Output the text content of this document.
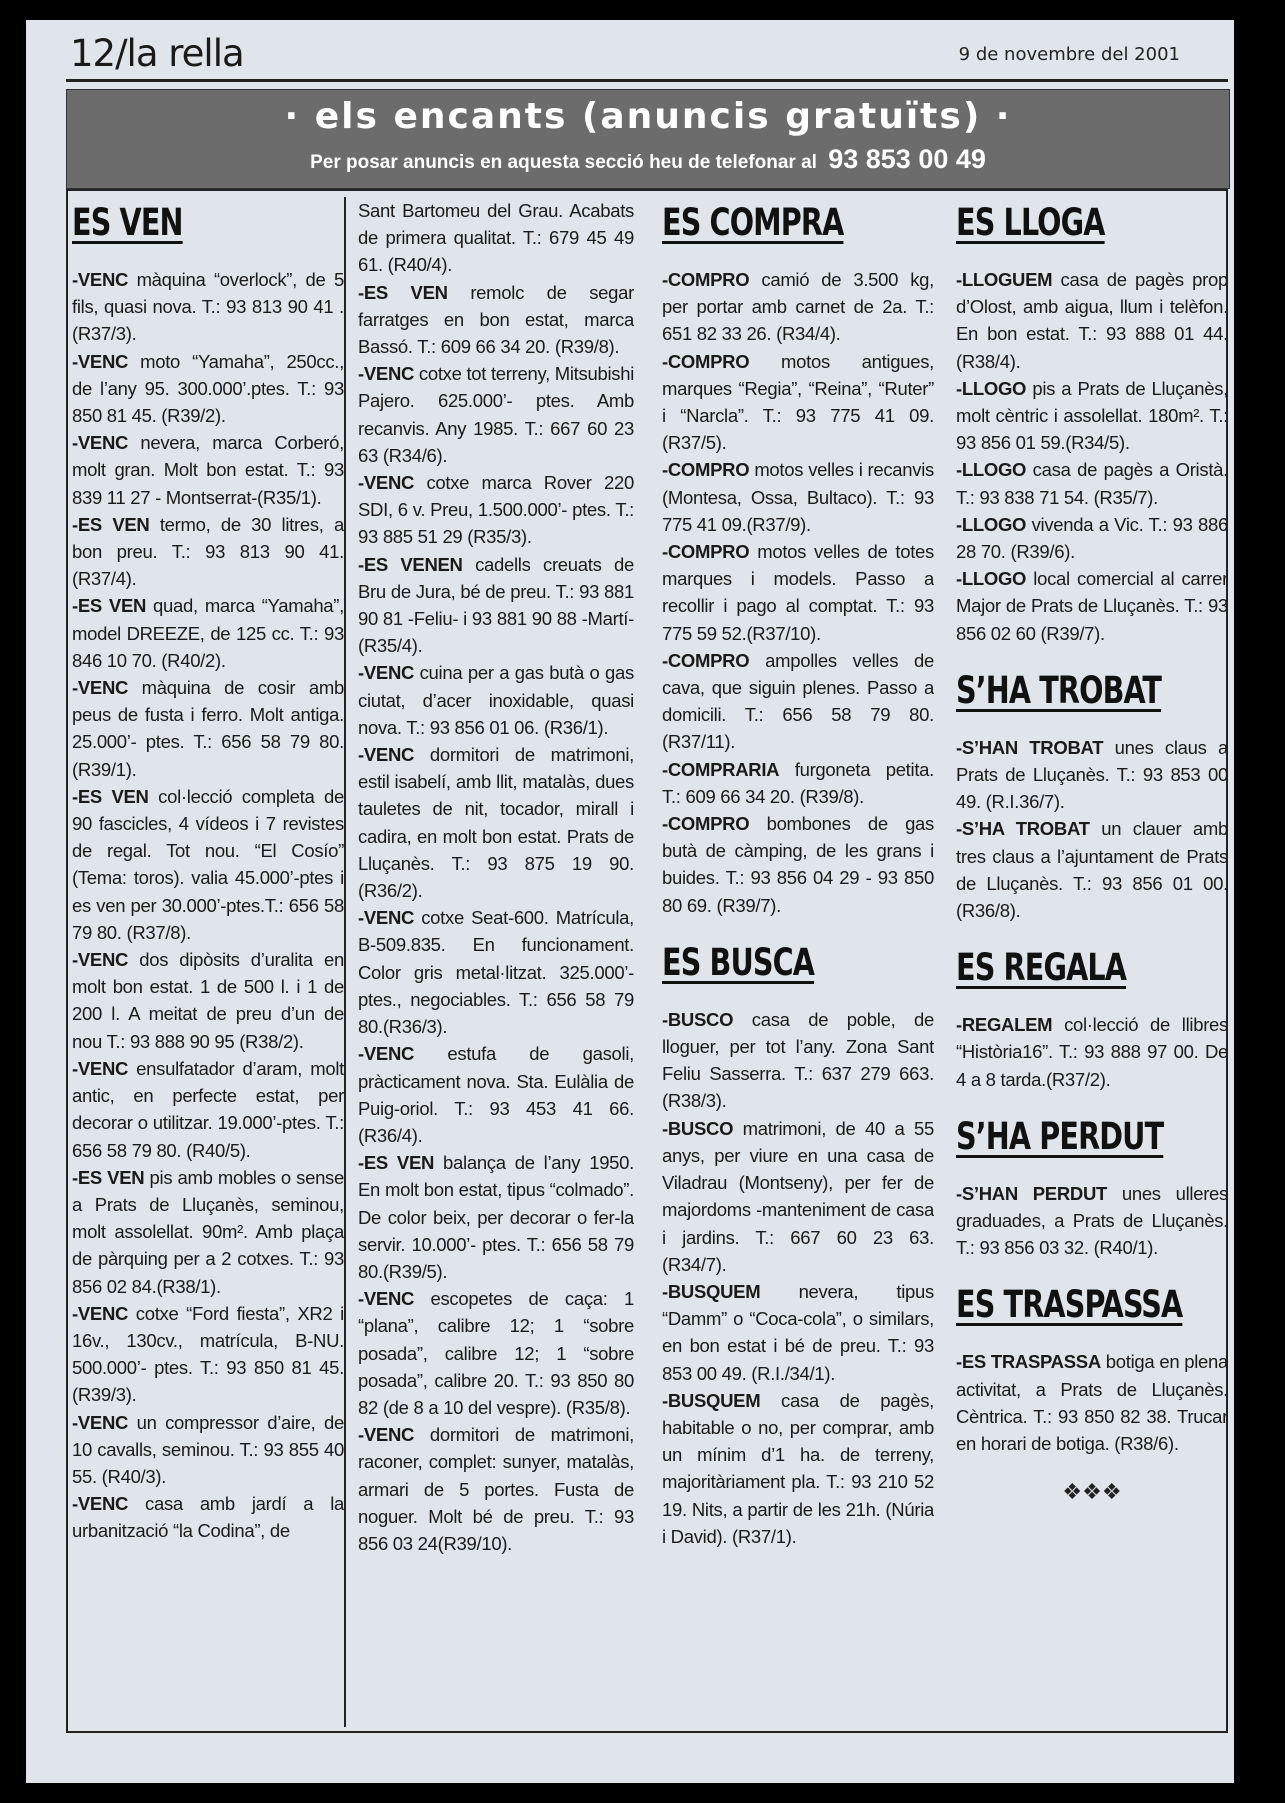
12/la rella	9 de novembre del 2001
· els encants (anuncis gratuïts) ·
Per posar anuncis en aquesta secció heu de telefonar al 93 853 00 49
ES VEN

-VENC màquina “overlock”, de 5 fils, quasi nova. T.: 93 813 90 41 . (R37/3).

-VENC moto “Yamaha”, 250cc., de l’any 95. 300.000’.ptes. T.: 93 850 81 45. (R39/2).

-VENC nevera, marca Corberó, molt gran. Molt bon estat. T.: 93 839 11 27 - Montserrat-(R35/1).

-ES VEN termo, de 30 litres, a bon preu. T.: 93 813 90 41. (R37/4).

-ES VEN quad, marca “Yamaha”, model DREEZE, de 125 cc. T.: 93 846 10 70. (R40/2).

-VENC màquina de cosir amb peus de fusta i ferro. Molt antiga. 25.000’- ptes. T.: 656 58 79 80. (R39/1).

-ES VEN col·lecció completa de 90 fascicles, 4 vídeos i 7 revistes de regal. Tot nou. “El Cosío” (Tema: toros). valia 45.000’-ptes i es ven per 30.000’-ptes.T.: 656 58 79 80. (R37/8).

-VENC dos dipòsits d’uralita en molt bon estat. 1 de 500 l. i 1 de 200 l. A meitat de preu d’un de nou T.: 93 888 90 95 (R38/2).

-VENC ensulfatador d’aram, molt antic, en perfecte estat, per decorar o utilitzar. 19.000’-ptes. T.: 656 58 79 80. (R40/5).

-ES VEN pis amb mobles o sense a Prats de Lluçanès, seminou, molt assolellat. 90m². Amb plaça de pàrquing per a 2 cotxes. T.: 93 856 02 84.(R38/1).

-VENC cotxe “Ford fiesta”, XR2 i 16v., 130cv., matrícula, B-NU. 500.000’- ptes. T.: 93 850 81 45. (R39/3).

-VENC un compressor d’aire, de 10 cavalls, seminou. T.: 93 855 40 55. (R40/3).

-VENC casa amb jardí a la urbanització “la Codina”, de

Sant Bartomeu del Grau. Acabats de primera qualitat. T.: 679 45 49 61. (R40/4).

-ES VEN remolc de segar farratges en bon estat, marca Bassó. T.: 609 66 34 20. (R39/8).

-VENC cotxe tot terreny, Mitsubishi Pajero. 625.000’- ptes. Amb recanvis. Any 1985. T.: 667 60 23 63 (R34/6).

-VENC cotxe marca Rover 220 SDI, 6 v. Preu, 1.500.000’- ptes. T.: 93 885 51 29 (R35/3).

-ES VENEN cadells creuats de Bru de Jura, bé de preu. T.: 93 881 90 81 -Feliu- i 93 881 90 88 -Martí- (R35/4).

-VENC cuina per a gas butà o gas ciutat, d’acer inoxidable, quasi nova. T.: 93 856 01 06. (R36/1).

-VENC dormitori de matrimoni, estil isabelí, amb llit, matalàs, dues tauletes de nit, tocador, mirall i cadira, en molt bon estat. Prats de Lluçanès. T.: 93 875 19 90. (R36/2).

-VENC cotxe Seat-600. Matrícula, B-509.835. En funcionament. Color gris metal·litzat. 325.000’- ptes., negociables. T.: 656 58 79 80.(R36/3).

-VENC estufa de gasoli, pràcticament nova. Sta. Eulàlia de Puig-oriol. T.: 93 453 41 66. (R36/4).

-ES VEN balança de l’any 1950. En molt bon estat, tipus “colmado”. De color beix, per decorar o fer-la servir. 10.000’- ptes. T.: 656 58 79 80.(R39/5).

-VENC escopetes de caça: 1 “plana”, calibre 12; 1 “sobre posada”, calibre 12; 1 “sobre posada”, calibre 20. T.: 93 850 80 82 (de 8 a 10 del vespre). (R35/8).

-VENC dormitori de matrimoni, raconer, complet: sunyer, matalàs, armari de 5 portes. Fusta de noguer. Molt bé de preu. T.: 93 856 03 24(R39/10).

ES COMPRA

-COMPRO camió de 3.500 kg, per portar amb carnet de 2a. T.: 651 82 33 26. (R34/4).

-COMPRO motos antigues, marques “Regia”, “Reina”, “Ruter” i “Narcla”. T.: 93 775 41 09. (R37/5).

-COMPRO motos velles i recanvis (Montesa, Ossa, Bultaco). T.: 93 775 41 09.(R37/9).

-COMPRO motos velles de totes marques i models. Passo a recollir i pago al comptat. T.: 93 775 59 52.(R37/10).

-COMPRO ampolles velles de cava, que siguin plenes. Passo a domicili. T.: 656 58 79 80. (R37/11).

-COMPRARIA furgoneta petita. T.: 609 66 34 20. (R39/8).

-COMPRO bombones de gas butà de càmping, de les grans i buides. T.: 93 856 04 29 - 93 850 80 69. (R39/7).

ES BUSCA

-BUSCO casa de poble, de lloguer, per tot l’any. Zona Sant Feliu Sasserra. T.: 637 279 663. (R38/3).

-BUSCO matrimoni, de 40 a 55 anys, per viure en una casa de Viladrau (Montseny), per fer de majordoms -manteniment de casa i jardins. T.: 667 60 23 63. (R34/7).

-BUSQUEM nevera, tipus “Damm” o “Coca-cola”, o similars, en bon estat i bé de preu. T.: 93 853 00 49. (R.I./34/1).

-BUSQUEM casa de pagès, habitable o no, per comprar, amb un mínim d’1 ha. de terreny, majoritàriament pla. T.: 93 210 52 19. Nits, a partir de les 21h. (Núria i David). (R37/1).

ES LLOGA

-LLOGUEM casa de pagès prop d’Olost, amb aigua, llum i telèfon. En bon estat. T.: 93 888 01 44. (R38/4).

-LLOGO pis a Prats de Lluçanès, molt cèntric i assolellat. 180m². T.: 93 856 01 59.(R34/5).

-LLOGO casa de pagès a Oristà. T.: 93 838 71 54. (R35/7).

-LLOGO vivenda a Vic. T.: 93 886 28 70. (R39/6).

-LLOGO local comercial al carrer Major de Prats de Lluçanès. T.: 93 856 02 60 (R39/7).

S’HA TROBAT

-S’HAN TROBAT unes claus a Prats de Lluçanès. T.: 93 853 00 49. (R.I.36/7).

-S’HA TROBAT un clauer amb tres claus a l’ajuntament de Prats de Lluçanès. T.: 93 856 01 00. (R36/8).

ES REGALA

-REGALEM col·lecció de llibres “Història16”. T.: 93 888 97 00. De 4 a 8 tarda.(R37/2).

S’HA PERDUT

-S’HAN PERDUT unes ulleres graduades, a Prats de Lluçanès. T.: 93 856 03 32. (R40/1).

ES TRASPASSA

-ES TRASPASSA botiga en plena activitat, a Prats de Lluçanès. Cèntrica. T.: 93 850 82 38. Trucar en horari de botiga. (R38/6).

❖❖❖
